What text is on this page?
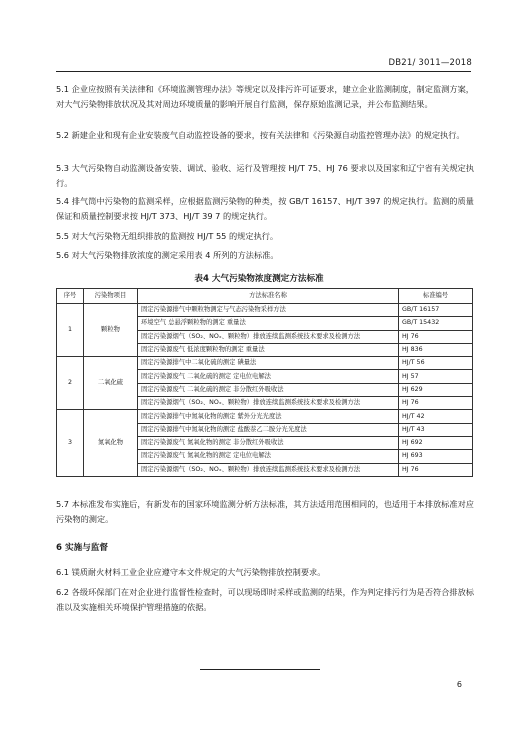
DB21/ 3011—2018

5.1 企业应按照有关法律和《环境监测管理办法》等规定以及排污许可证要求，建立企业监测制度，制定监测方案，对大气污染物排放状况及其对周边环境质量的影响开展自行监测，保存原始监测记录，并公布监测结果。

5.2 新建企业和现有企业安装废气自动监控设备的要求，按有关法律和《污染源自动监控管理办法》的规定执行。

5.3 大气污染物自动监测设备安装、调试、验收、运行及管理按 HJ/T 75、HJ 76 要求以及国家和辽宁省有关规定执行。

5.4 排气筒中污染物的监测采样，应根据监测污染物的种类，按 GB/T 16157、HJ/T 397 的规定执行。监测的质量保证和质量控制要求按 HJ/T 373、HJ/T 39 7 的规定执行。

5.5 对大气污染物无组织排放的监测按 HJ/T 55 的规定执行。

5.6 对大气污染物排放浓度的测定采用表 4 所列的方法标准。

表4 大气污染物浓度测定方法标准
序号	污染物项目	方法标准名称	标准编号
1	颗粒物	固定污染源排气中颗粒物测定与气态污染物采样方法	GB/T 16157
		环境空气 总悬浮颗粒物的测定 重量法	GB/T 15432
		固定污染源烟气（SO₂、NOₓ、颗粒物）排放连续监测系统技术要求及检测方法	HJ 76
		固定污染源废气 低浓度颗粒物的测定 重量法	HJ 836
2	二氧化硫	固定污染源排气中二氧化硫的测定 碘量法	HJ/T 56
		固定污染源废气 二氧化硫的测定 定电位电解法	HJ 57
		固定污染源废气 二氧化硫的测定 非分散红外吸收法	HJ 629
		固定污染源烟气（SO₂、NOₓ、颗粒物）排放连续监测系统技术要求及检测方法	HJ 76
3	氮氧化物	固定污染源排气中氮氧化物的测定 紫外分光光度法	HJ/T 42
		固定污染源排气中氮氧化物的测定 盐酸萘乙二胺分光光度法	HJ/T 43
		固定污染源废气 氮氧化物的测定 非分散红外吸收法	HJ 692
		固定污染源废气 氮氧化物的测定 定电位电解法	HJ 693
		固定污染源烟气（SO₂、NOₓ、颗粒物）排放连续监测系统技术要求及检测方法	HJ 76

5.7 本标准发布实施后，有新发布的国家环境监测分析方法标准，其方法适用范围相同的，也适用于本排放标准对应污染物的测定。

6 实施与监督

6.1 镁质耐火材料工业企业应遵守本文件规定的大气污染物排放控制要求。

6.2 各级环保部门在对企业进行监督性检查时，可以现场即时采样或监测的结果，作为判定排污行为是否符合排放标准以及实施相关环境保护管理措施的依据。

6
